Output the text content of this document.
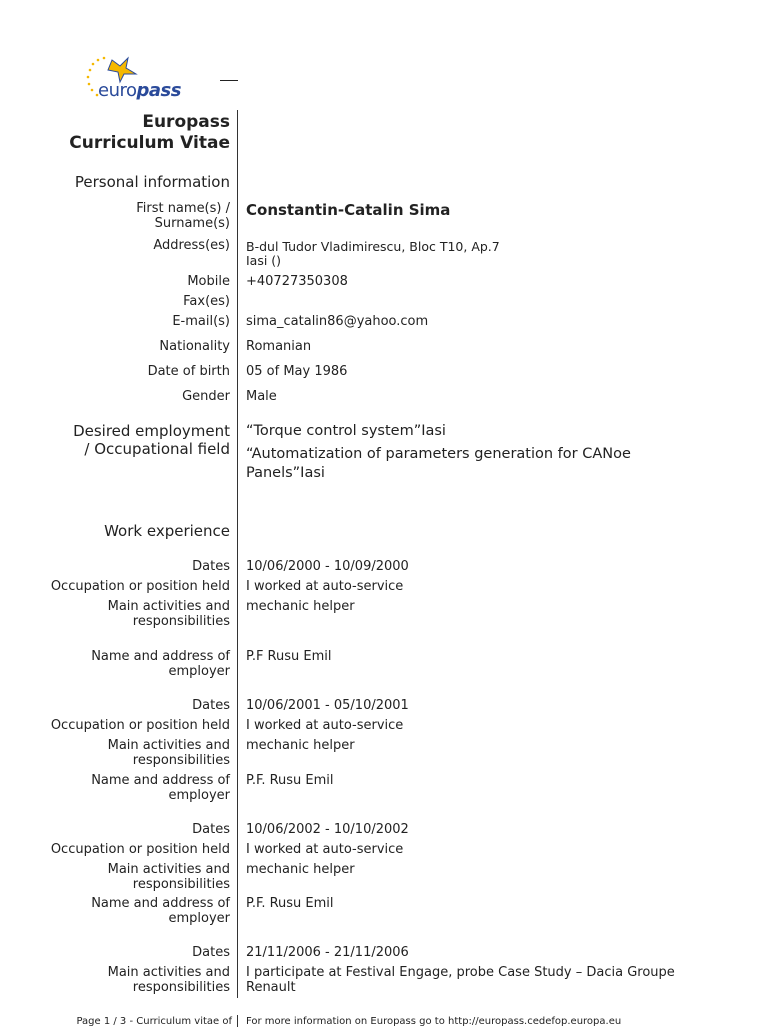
europass
Europass
Curriculum Vitae
Personal information
First name(s) / Surname(s)
Constantin-Catalin Sima
Address(es) B-dul Tudor Vladimirescu, Bloc T10, Ap.7
Iasi ()
Mobile +40727350308
Fax(es)
E-mail(s) sima_catalin86@yahoo.com
Nationality Romanian
Date of birth 05 of May 1986
Gender Male
Desired employment
/ Occupational field
“Torque control system”Iasi
“Automatization of parameters generation for CANoe
Panels”Iasi
Work experience
Dates 10/06/2000 - 10/09/2000
Occupation or position held I worked at auto-service
Main activities and
responsibilities
mechanic helper
Name and address of
employer
P.F Rusu Emil
Dates 10/06/2001 - 05/10/2001
Occupation or position held I worked at auto-service
Main activities and
responsibilities
mechanic helper
Name and address of
employer
P.F. Rusu Emil
Dates 10/06/2002 - 10/10/2002
Occupation or position held I worked at auto-service
Main activities and
responsibilities
mechanic helper
Name and address of
employer
P.F. Rusu Emil
Dates 21/11/2006 - 21/11/2006
Main activities and
responsibilities
I participate at Festival Engage, probe Case Study – Dacia Groupe
Renault
Page 1 / 3 - Curriculum vitae of For more information on Europass go to http://europass.cedefop.europa.eu
